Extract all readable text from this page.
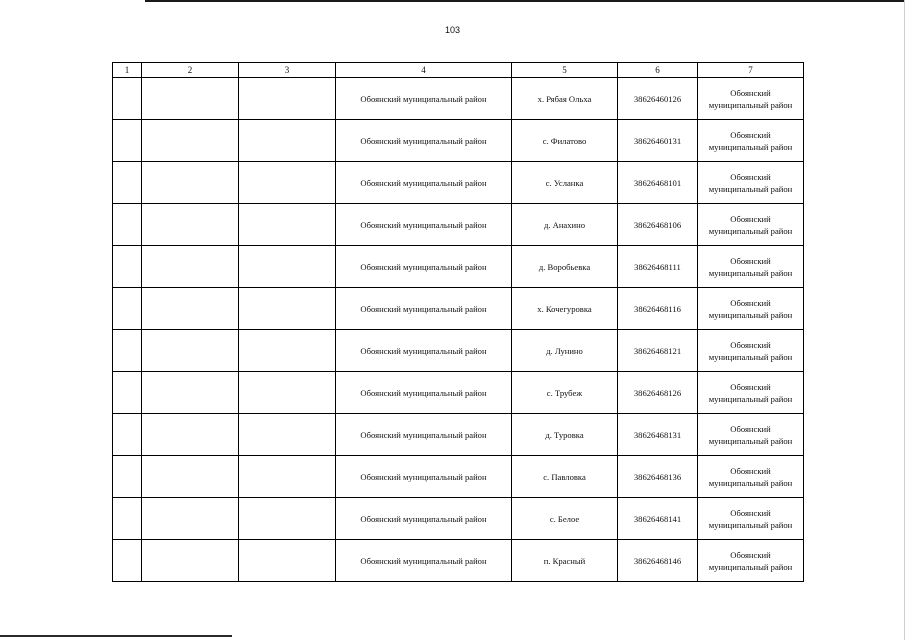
103
1	2	3	4	5	6	7
			Обоянский муниципальный район	х. Рябая Ольха	38626460126	Обоянский
муниципальный район

			Обоянский муниципальный район	с. Филатово	38626460131	Обоянский
муниципальный район

			Обоянский муниципальный район	с. Усланка	38626468101	Обоянский
муниципальный район

			Обоянский муниципальный район	д. Анахино	38626468106	Обоянский
муниципальный район

			Обоянский муниципальный район	д. Воробьевка	38626468111	Обоянский
муниципальный район

			Обоянский муниципальный район	х. Кочегуровка	38626468116	Обоянский
муниципальный район

			Обоянский муниципальный район	д. Лунино	38626468121	Обоянский
муниципальный район

			Обоянский муниципальный район	с. Трубеж	38626468126	Обоянский
муниципальный район

			Обоянский муниципальный район	д. Туровка	38626468131	Обоянский
муниципальный район

			Обоянский муниципальный район	с. Павловка	38626468136	Обоянский
муниципальный район

			Обоянский муниципальный район	с. Белое	38626468141	Обоянский
муниципальный район

			Обоянский муниципальный район	п. Красный	38626468146	Обоянский
муниципальный район
